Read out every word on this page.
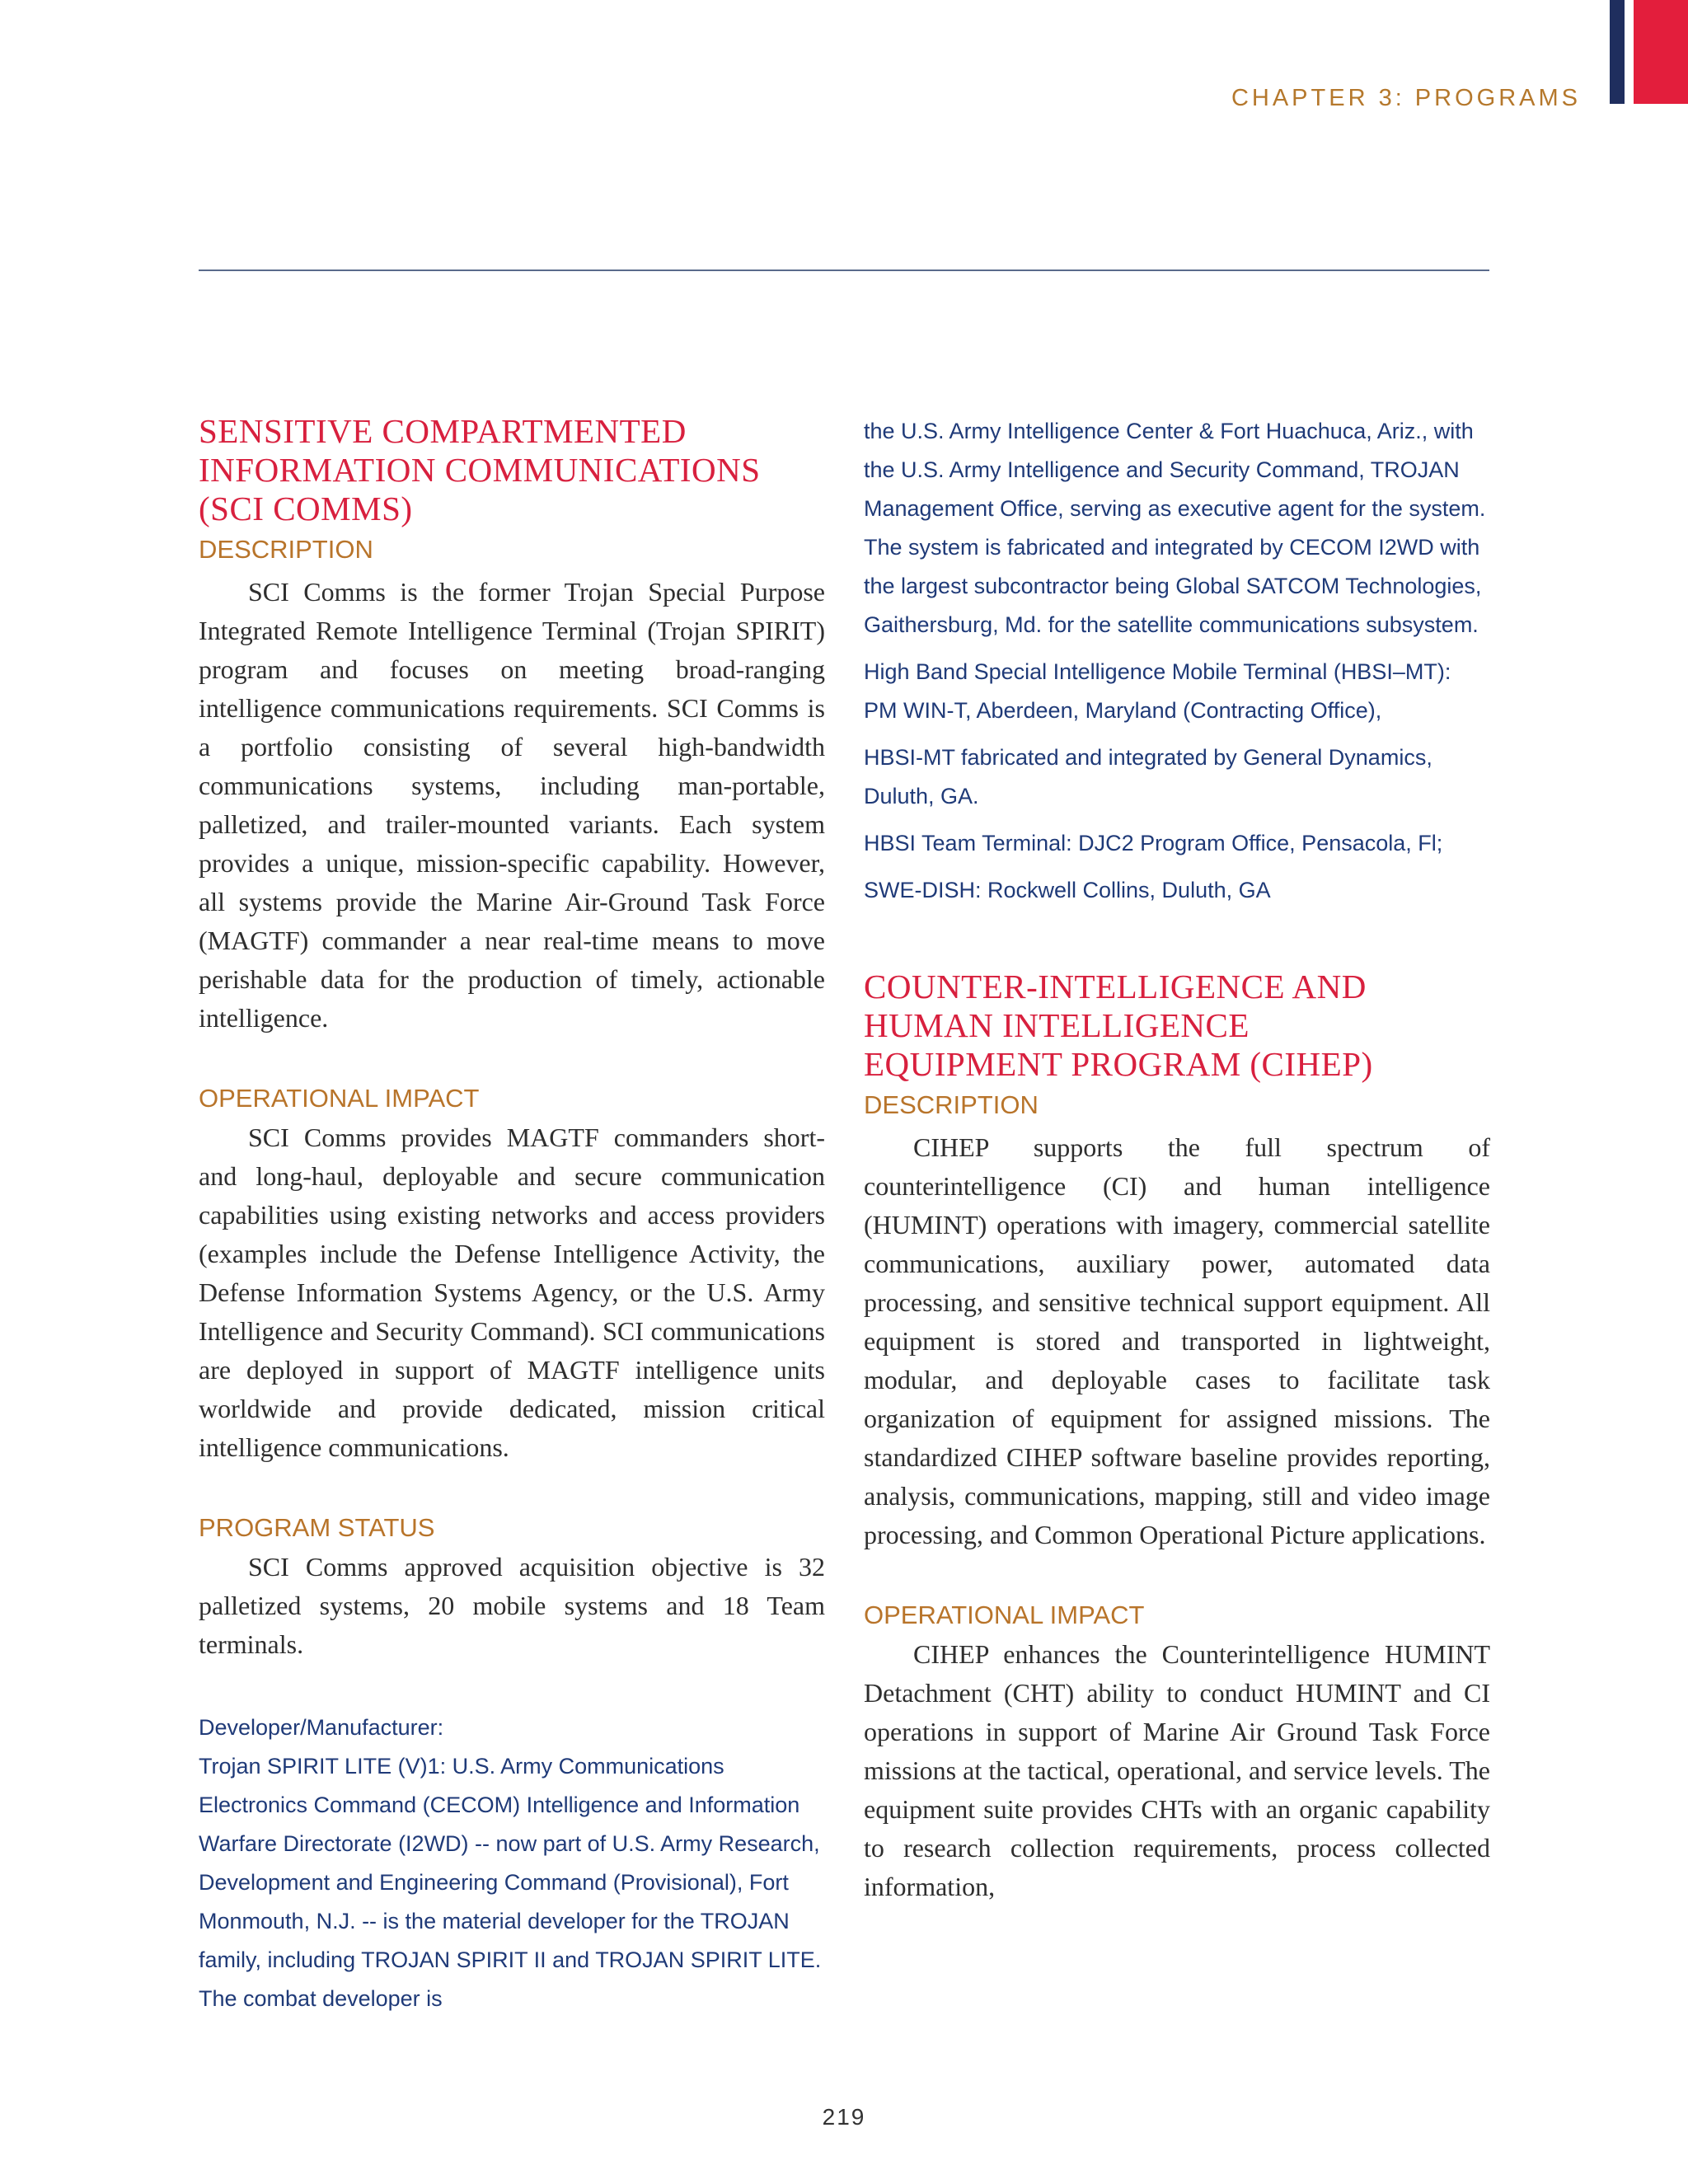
CHAPTER 3: PROGRAMS
SENSITIVE COMPARTMENTED
INFORMATION COMMUNICATIONS
(SCI COMMS)
DESCRIPTION

SCI Comms is the former Trojan Special Purpose Integrated Remote Intelligence Terminal (Trojan SPIRIT) program and focuses on meeting broad-ranging intelligence communications requirements. SCI Comms is a portfolio consisting of several high-bandwidth communications systems, including man-portable, palletized, and trailer-mounted variants. Each system provides a unique, mission-specific capability. However, all systems provide the Marine Air-Ground Task Force (MAGTF) commander a near real-time means to move perishable data for the production of timely, actionable intelligence.

OPERATIONAL IMPACT

SCI Comms provides MAGTF commanders short- and long-haul, deployable and secure communication capabilities using existing networks and access providers (examples include the Defense Intelligence Activity, the Defense Information Systems Agency, or the U.S. Army Intelligence and Security Command). SCI communications are deployed in support of MAGTF intelligence units worldwide and provide dedicated, mission critical intelligence communications.

PROGRAM STATUS

SCI Comms approved acquisition objective is 32 palletized systems, 20 mobile systems and 18 Team terminals.

Developer/Manufacturer:

Trojan SPIRIT LITE (V)1: U.S. Army Communications Electronics Command (CECOM) Intelligence and Information Warfare Directorate (I2WD) -- now part of U.S. Army Research, Development and Engineering Command (Provisional), Fort Monmouth, N.J. -- is the material developer for the TROJAN family, including TROJAN SPIRIT II and TROJAN SPIRIT LITE. The combat developer is

the U.S. Army Intelligence Center & Fort Huachuca, Ariz., with the U.S. Army Intelligence and Security Command, TROJAN Management Office, serving as executive agent for the system. The system is fabricated and integrated by CECOM I2WD with the largest subcontractor being Global SATCOM Technologies, Gaithersburg, Md. for the satellite communications subsystem.

High Band Special Intelligence Mobile Terminal (HBSI–MT): PM WIN-T, Aberdeen, Maryland (Contracting Office),

HBSI-MT fabricated and integrated by General Dynamics, Duluth, GA.

HBSI Team Terminal: DJC2 Program Office, Pensacola, Fl;

SWE-DISH: Rockwell Collins, Duluth, GA

COUNTER-INTELLIGENCE AND
HUMAN INTELLIGENCE
EQUIPMENT PROGRAM (CIHEP)
DESCRIPTION

CIHEP supports the full spectrum of counterintelligence (CI) and human intelligence (HUMINT) operations with imagery, commercial satellite communications, auxiliary power, automated data processing, and sensitive technical support equipment. All equipment is stored and transported in lightweight, modular, and deployable cases to facilitate task organization of equipment for assigned missions. The standardized CIHEP software baseline provides reporting, analysis, communications, mapping, still and video image processing, and Common Operational Picture applications.

OPERATIONAL IMPACT

CIHEP enhances the Counterintelligence HUMINT Detachment (CHT) ability to conduct HUMINT and CI operations in support of Marine Air Ground Task Force missions at the tactical, operational, and service levels. The equipment suite provides CHTs with an organic capability to research collection requirements, process collected information,

219
